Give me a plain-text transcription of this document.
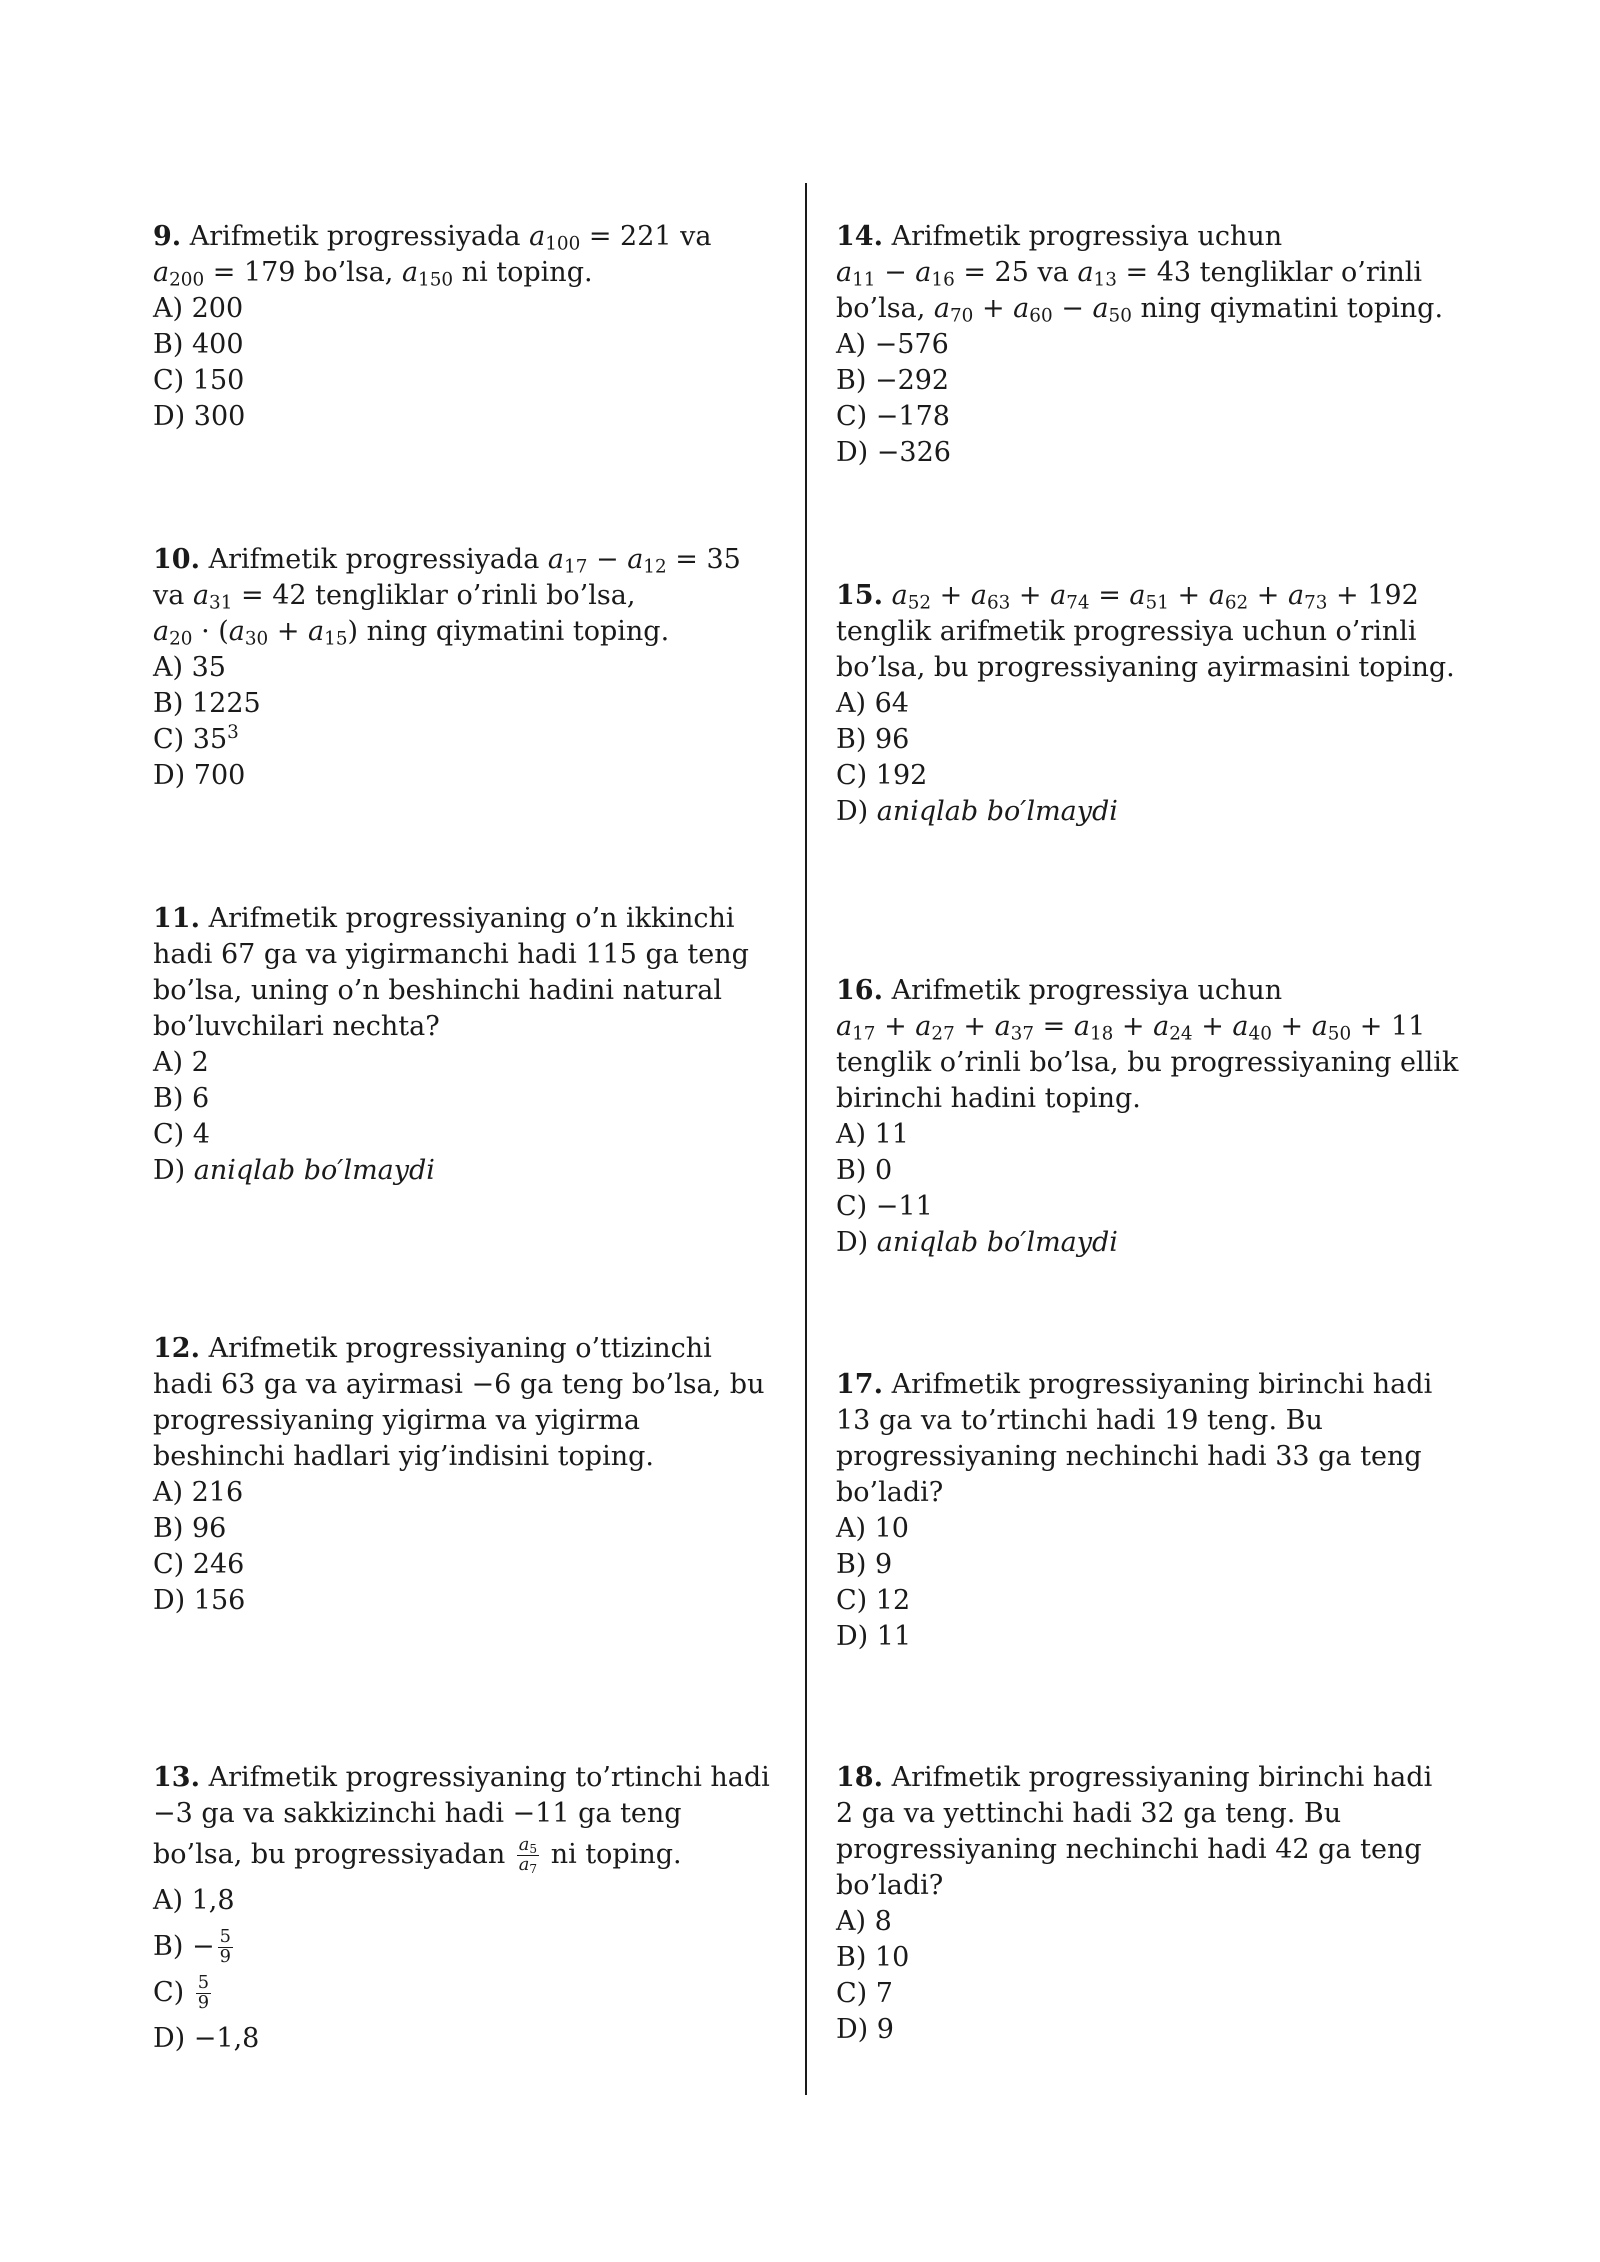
9. Arifmetik progressiyada $a_{100} = 221$ va
$a_{200} = 179$ bo’lsa, $a_{150}$ ni toping.
A) 200
B) 400
C) 150
D) 300
10. Arifmetik progressiyada $a_{17} - a_{12} = 35$
va $a_{31} = 42$ tengliklar o’rinli bo’lsa,
$a_{20} \cdot (a_{30} + a_{15})$ ning qiymatini toping.
A) 35
B) 1225
C) $35^3$
D) 700
11. Arifmetik progressiyaning o’n ikkinchi
hadi 67 ga va yigirmanchi hadi 115 ga teng
bo’lsa, uning o’n beshinchi hadini natural
bo’luvchilari nechta?
A) 2
B) 6
C) 4
D) aniqlab bo′lmaydi
12. Arifmetik progressiyaning o’ttizinchi
hadi 63 ga va ayirmasi −6 ga teng bo’lsa, bu
progressiyaning yigirma va yigirma
beshinchi hadlari yig’indisini toping.
A) 216
B) 96
C) 246
D) 156
13. Arifmetik progressiyaning to’rtinchi hadi
−3 ga va sakkizinchi hadi −11 ga teng
bo’lsa, bu progressiyadan $\frac{a_5}{a_7}$ ni toping.
A) 1,8
$B) - \frac{5}{9}$
$C) \frac{5}{9}$
D) −1,8
14. Arifmetik progressiya uchun
$a_{11} - a_{16} = 25$ va $a_{13} = 43$ tengliklar o’rinli
bo’lsa, $a_{70} + a_{60} - a_{50}$ ning qiymatini toping.
A) −576
B) −292
C) −178
D) −326
15. $a_{52} + a_{63} + a_{74} = a_{51} + a_{62} + a_{73} + 192$
tenglik arifmetik progressiya uchun o’rinli
bo’lsa, bu progressiyaning ayirmasini toping.
A) 64
B) 96
C) 192
D) aniqlab bo′lmaydi
16. Arifmetik progressiya uchun
$a_{17} + a_{27} + a_{37} = a_{18} + a_{24} + a_{40} + a_{50} + 11$
tenglik o’rinli bo’lsa, bu progressiyaning ellik
birinchi hadini toping.
A) 11
B) 0
C) −11
D) aniqlab bo′lmaydi
17. Arifmetik progressiyaning birinchi hadi
13 ga va to’rtinchi hadi 19 teng. Bu
progressiyaning nechinchi hadi 33 ga teng
bo’ladi?
A) 10
B) 9
C) 12
D) 11
18. Arifmetik progressiyaning birinchi hadi
2 ga va yettinchi hadi 32 ga teng. Bu
progressiyaning nechinchi hadi 42 ga teng
bo’ladi?
A) 8
B) 10
C) 7
D) 9
